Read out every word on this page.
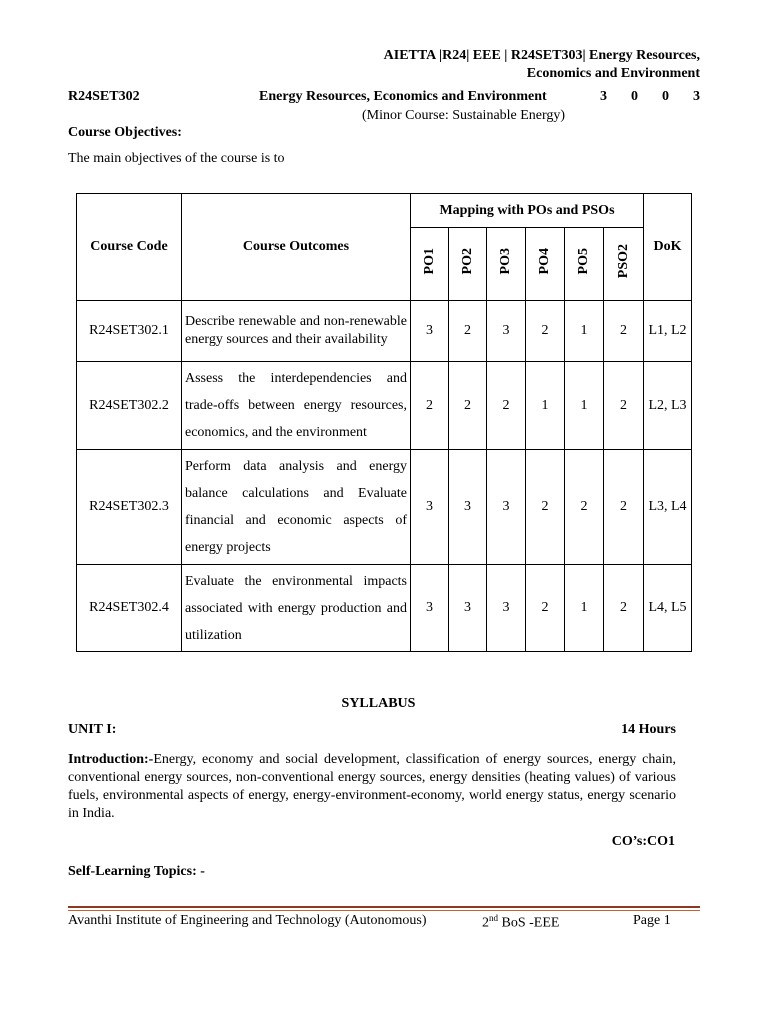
AIETTA |R24| EEE | R24SET303| Energy Resources,
Economics and Environment
R24SET302	Energy Resources, Economics and Environment	3 0 0 3
(Minor Course: Sustainable Energy)
Course Objectives:
The main objectives of the course is to
Course Code	Course Outcomes	Mapping with POs and PSOs						DoK
		PO1	PO2	PO3	PO4	PO5	PSO2	
R24SET302.1	Describe renewable and non-renewable energy sources and their availability	3	2	3	2	1	2	L1, L2
R24SET302.2	Assess the interdependencies and trade-offs between energy resources, economics, and the environment	2	2	2	1	1	2	L2, L3
R24SET302.3	Perform data analysis and energy balance calculations and Evaluate financial and economic aspects of energy projects	3	3	3	2	2	2	L3, L4
R24SET302.4	Evaluate the environmental impacts associated with energy production and utilization	3	3	3	2	1	2	L4, L5
SYLLABUS
UNIT I:	14 Hours
Introduction:-Energy, economy and social development, classification of energy sources, energy chain, conventional energy sources, non-conventional energy sources, energy densities (heating values) of various fuels, environmental aspects of energy, energy-environment-economy, world energy status, energy scenario in India.
CO’s:CO1
Self-Learning Topics: -
Avanthi Institute of Engineering and Technology (Autonomous)	2nd BoS -EEE	Page 1
